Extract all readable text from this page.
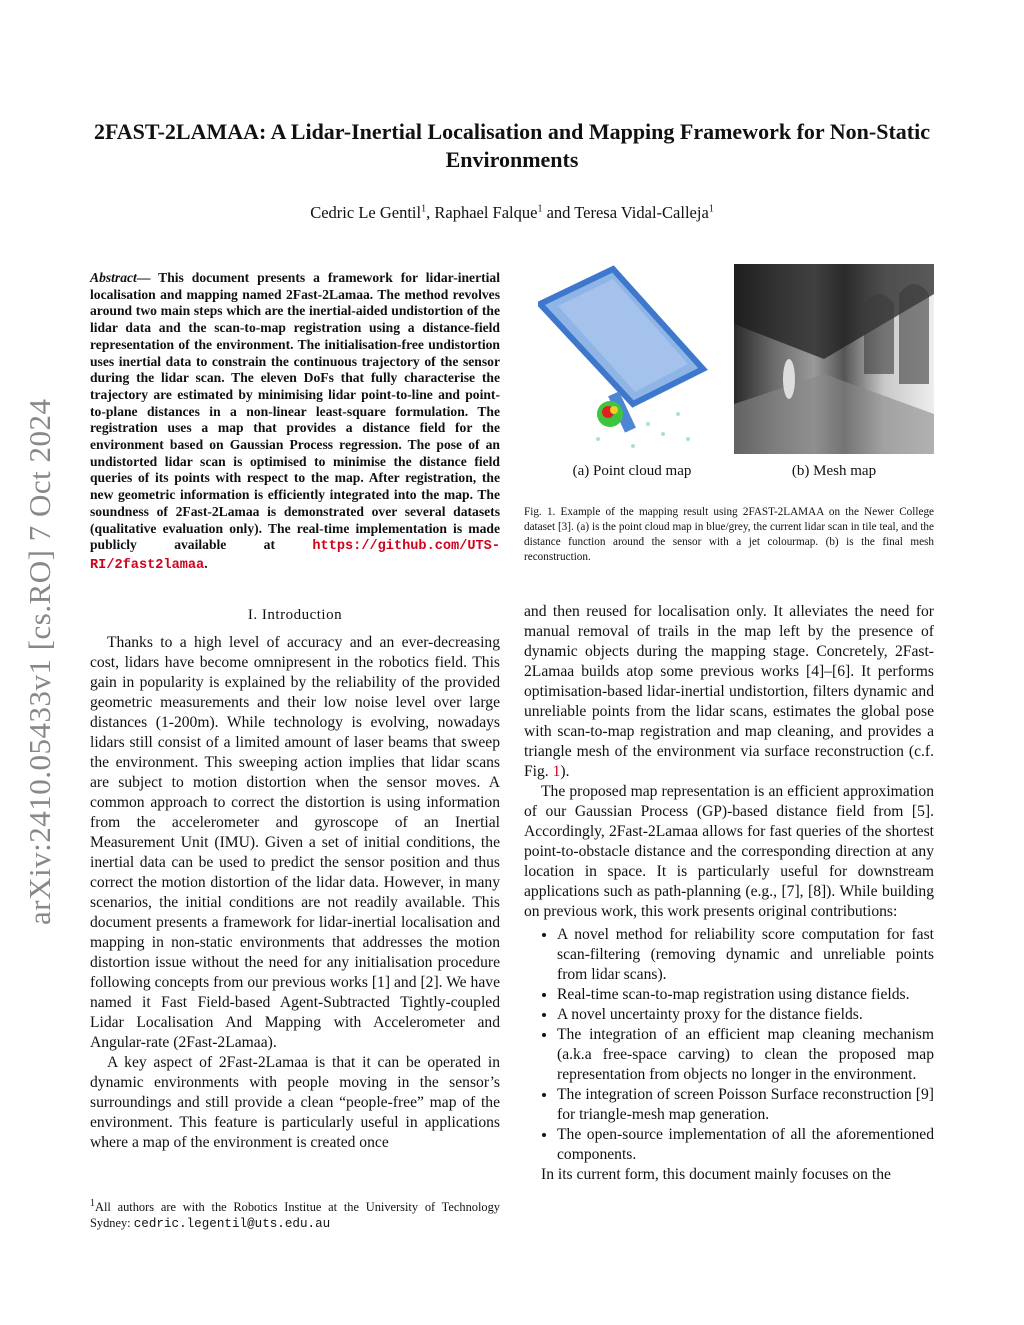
2FAST-2LAMAA: A Lidar-Inertial Localisation and Mapping Framework for Non-Static Environments
Cedric Le Gentil$^1$, Raphael Falque$^1$ and Teresa Vidal-Calleja$^1$
arXiv:2410.05433v1 [cs.RO] 7 Oct 2024
Abstract— This document presents a framework for lidar-inertial localisation and mapping named 2Fast-2Lamaa. The method revolves around two main steps which are the inertial-aided undistortion of the lidar data and the scan-to-map registration using a distance-field representation of the environment. The initialisation-free undistortion uses inertial data to constrain the continuous trajectory of the sensor during the lidar scan. The eleven DoFs that fully characterise the trajectory are estimated by minimising lidar point-to-line and point-to-plane distances in a non-linear least-square formulation. The registration uses a map that provides a distance field for the environment based on Gaussian Process regression. The pose of an undistorted lidar scan is optimised to minimise the distance field queries of its points with respect to the map. After registration, the new geometric information is efficiently integrated into the map. The soundness of 2Fast-2Lamaa is demonstrated over several datasets (qualitative evaluation only). The real-time implementation is made publicly available at https://github.com/UTS-RI/2fast2lamaa.
(a) Point cloud map	(b) Mesh map
Fig. 1. Example of the mapping result using 2FAST-2LAMAA on the Newer College dataset [3]. (a) is the point cloud map in blue/grey, the current lidar scan in tile teal, and the distance function around the sensor with a jet colourmap. (b) is the final mesh reconstruction.
I. Introduction

Thanks to a high level of accuracy and an ever-decreasing cost, lidars have become omnipresent in the robotics field. This gain in popularity is explained by the reliability of the provided geometric measurements and their low noise level over large distances (1-200m). While technology is evolving, nowadays lidars still consist of a limited amount of laser beams that sweep the environment. This sweeping action implies that lidar scans are subject to motion distortion when the sensor moves. A common approach to correct the distortion is using information from the accelerometer and gyroscope of an Inertial Measurement Unit (IMU). Given a set of initial conditions, the inertial data can be used to predict the sensor position and thus correct the motion distortion of the lidar data. However, in many scenarios, the initial conditions are not readily available. This document presents a framework for lidar-inertial localisation and mapping in non-static environments that addresses the motion distortion issue without the need for any initialisation procedure following concepts from our previous works [1] and [2]. We have named it Fast Field-based Agent-Subtracted Tightly-coupled Lidar Localisation And Mapping with Accelerometer and Angular-rate (2Fast-2Lamaa).

A key aspect of 2Fast-2Lamaa is that it can be operated in dynamic environments with people moving in the sensor’s surroundings and still provide a clean “people-free” map of the environment. This feature is particularly useful in applications where a map of the environment is created once

$^1$All authors are with the Robotics Institue at the University of Technology Sydney: cedric.legentil@uts.edu.au

and then reused for localisation only. It alleviates the need for manual removal of trails in the map left by the presence of dynamic objects during the mapping stage. Concretely, 2Fast-2Lamaa builds atop some previous works [4]–[6]. It performs optimisation-based lidar-inertial undistortion, filters dynamic and unreliable points from the lidar scans, estimates the global pose with scan-to-map registration and map cleaning, and provides a triangle mesh of the environment via surface reconstruction (c.f. Fig. 1).

The proposed map representation is an efficient approximation of our Gaussian Process (GP)-based distance field from [5]. Accordingly, 2Fast-2Lamaa allows for fast queries of the shortest point-to-obstacle distance and the corresponding direction at any location in space. It is particularly useful for downstream applications such as path-planning (e.g., [7], [8]). While building on previous work, this work presents original contributions:

• A novel method for reliability score computation for fast scan-filtering (removing dynamic and unreliable points from lidar scans).
• Real-time scan-to-map registration using distance fields.
• A novel uncertainty proxy for the distance fields.
• The integration of an efficient map cleaning mechanism (a.k.a free-space carving) to clean the proposed map representation from objects no longer in the environment.
• The integration of screen Poisson Surface reconstruction [9] for triangle-mesh map generation.
• The open-source implementation of all the aforementioned components.

In its current form, this document mainly focuses on the
